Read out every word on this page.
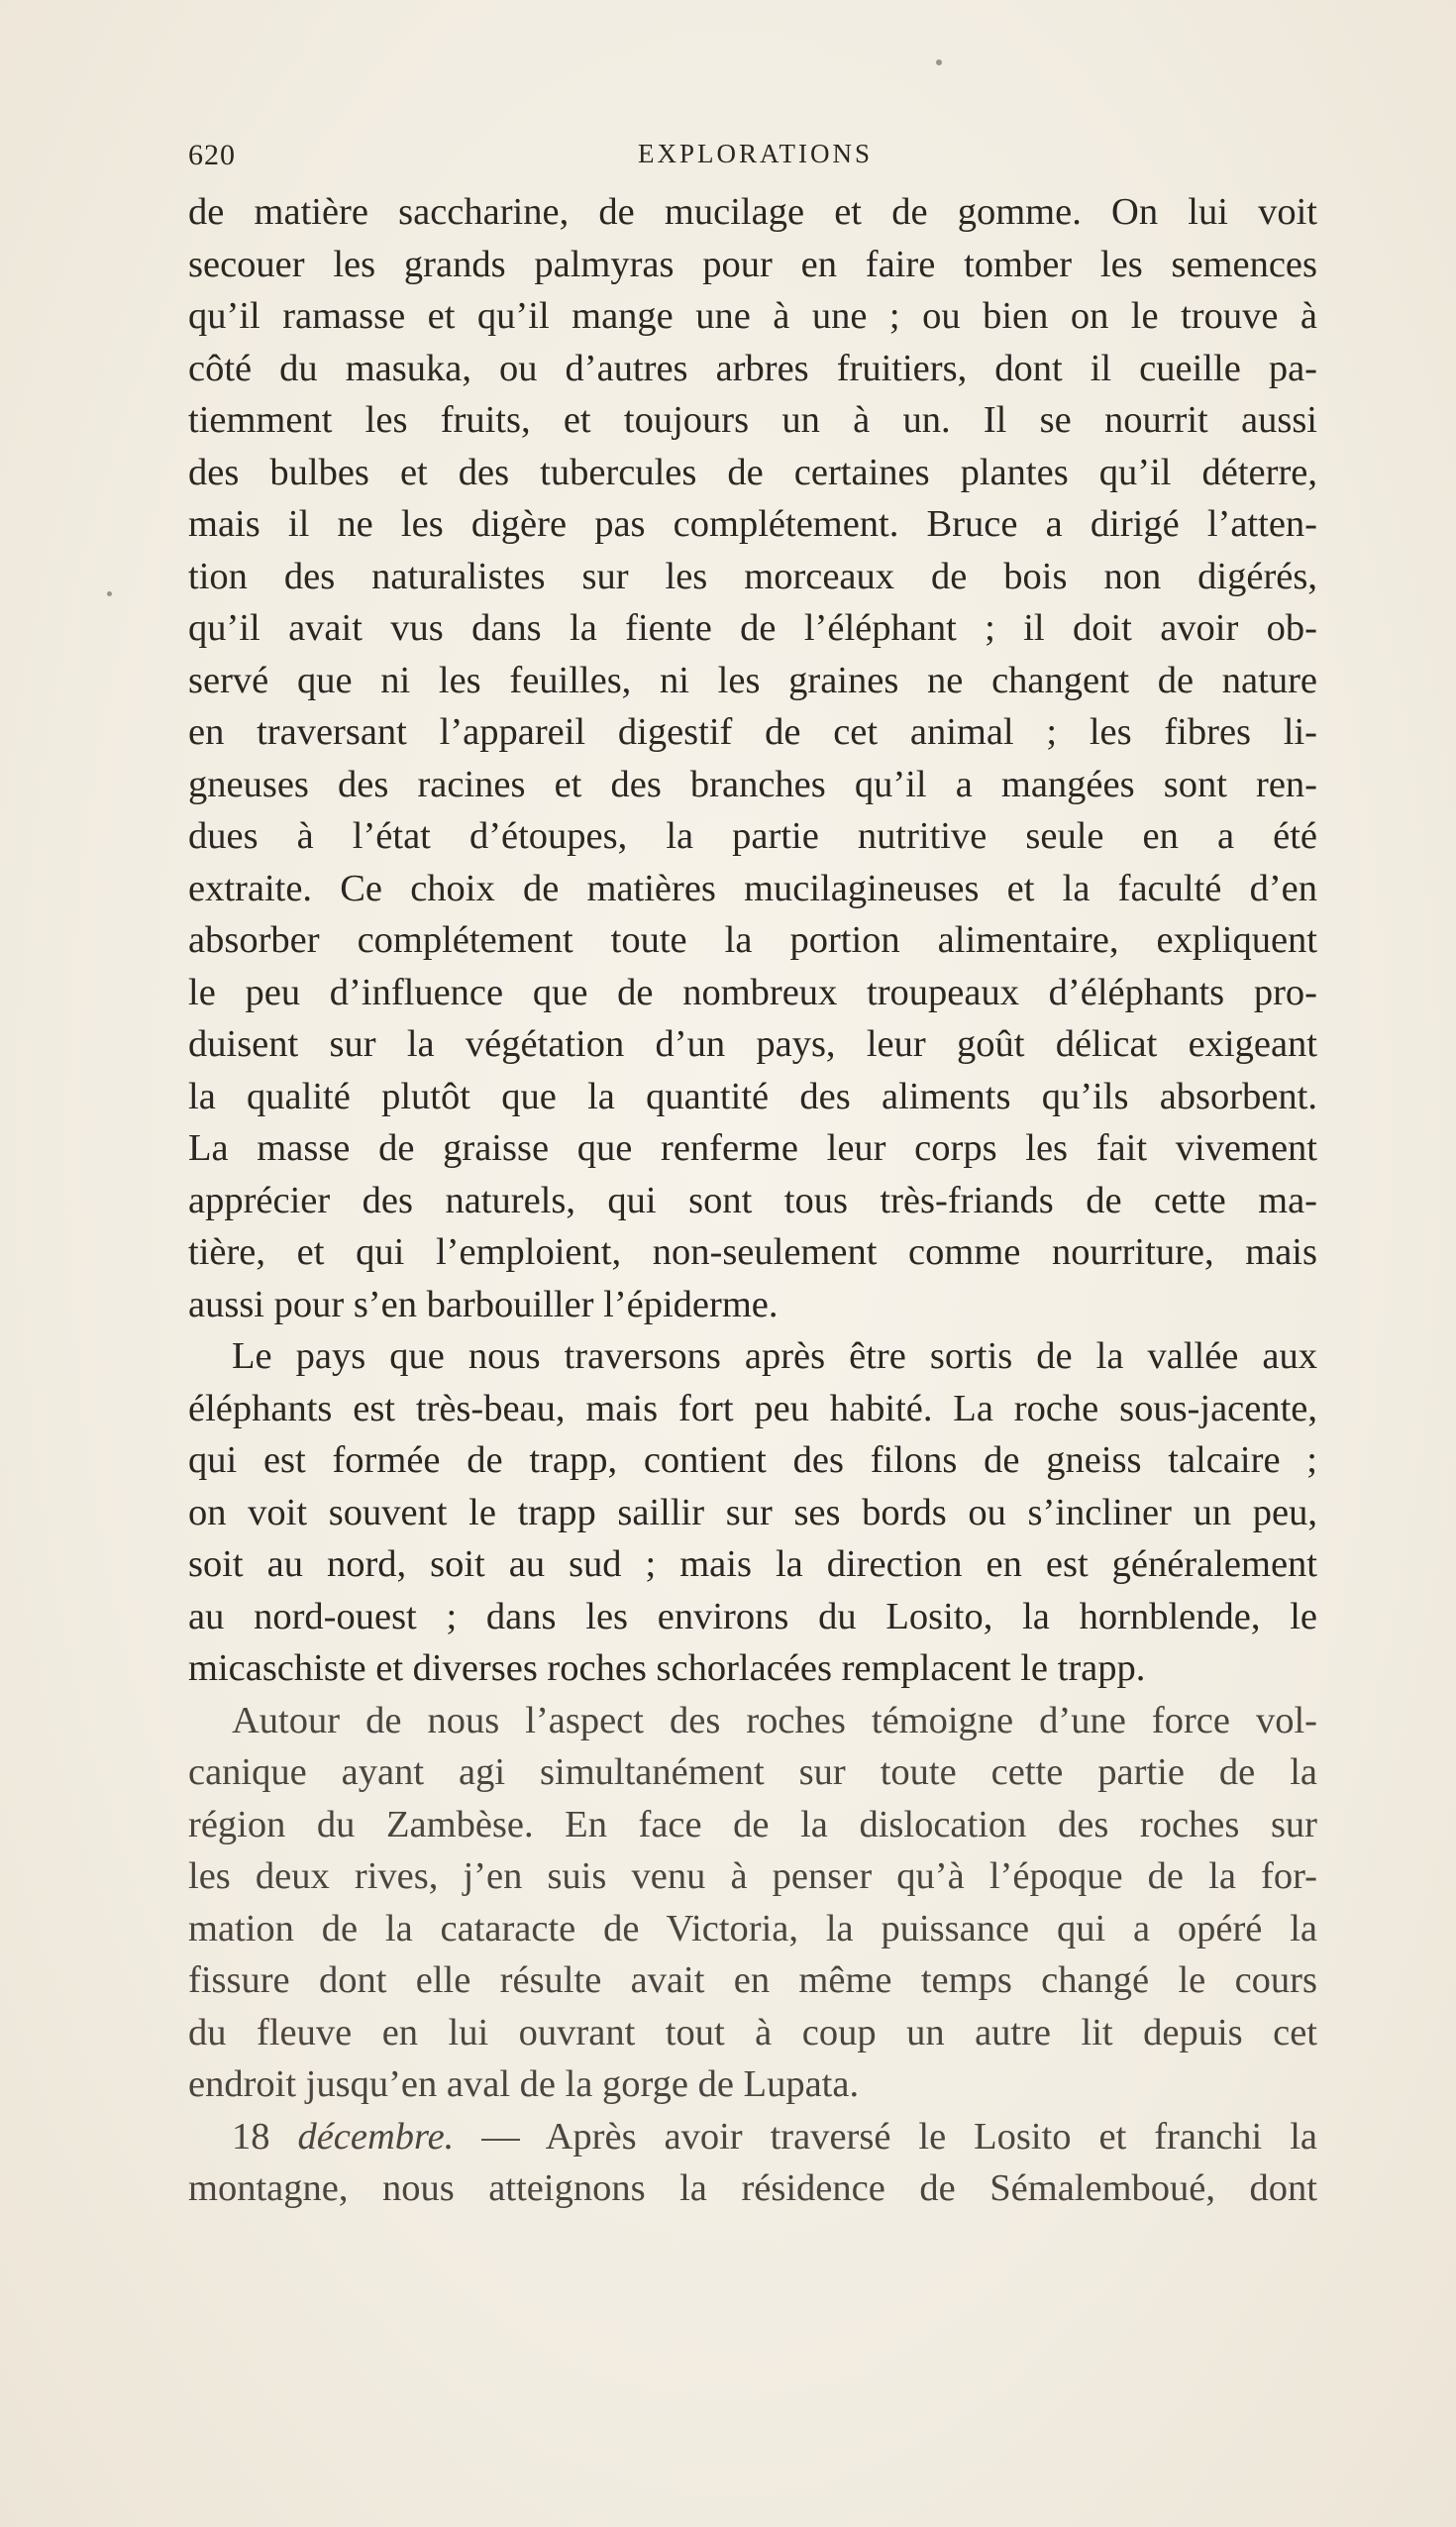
620	EXPLORATIONS
de matière saccharine, de mucilage et de gomme. On lui voit
secouer les grands palmyras pour en faire tomber les semences
qu’il ramasse et qu’il mange une à une ; ou bien on le trouve à
côté du masuka, ou d’autres arbres fruitiers, dont il cueille pa-
tiemment les fruits, et toujours un à un. Il se nourrit aussi
des bulbes et des tubercules de certaines plantes qu’il déterre,
mais il ne les digère pas complétement. Bruce a dirigé l’atten-
tion des naturalistes sur les morceaux de bois non digérés,
qu’il avait vus dans la fiente de l’éléphant ; il doit avoir ob-
servé que ni les feuilles, ni les graines ne changent de nature
en traversant l’appareil digestif de cet animal ; les fibres li-
gneuses des racines et des branches qu’il a mangées sont ren-
dues à l’état d’étoupes, la partie nutritive seule en a été
extraite. Ce choix de matières mucilagineuses et la faculté d’en
absorber complétement toute la portion alimentaire, expliquent
le peu d’influence que de nombreux troupeaux d’éléphants pro-
duisent sur la végétation d’un pays, leur goût délicat exigeant
la qualité plutôt que la quantité des aliments qu’ils absorbent.
La masse de graisse que renferme leur corps les fait vivement
apprécier des naturels, qui sont tous très-friands de cette ma-
tière, et qui l’emploient, non-seulement comme nourriture, mais
aussi pour s’en barbouiller l’épiderme.
Le pays que nous traversons après être sortis de la vallée aux
éléphants est très-beau, mais fort peu habité. La roche sous-jacente,
qui est formée de trapp, contient des filons de gneiss talcaire ;
on voit souvent le trapp saillir sur ses bords ou s’incliner un peu,
soit au nord, soit au sud ; mais la direction en est généralement
au nord-ouest ; dans les environs du Losito, la hornblende, le
micaschiste et diverses roches schorlacées remplacent le trapp.
Autour de nous l’aspect des roches témoigne d’une force vol-
canique ayant agi simultanément sur toute cette partie de la
région du Zambèse. En face de la dislocation des roches sur
les deux rives, j’en suis venu à penser qu’à l’époque de la for-
mation de la cataracte de Victoria, la puissance qui a opéré la
fissure dont elle résulte avait en même temps changé le cours
du fleuve en lui ouvrant tout à coup un autre lit depuis cet
endroit jusqu’en aval de la gorge de Lupata.
18 décembre. — Après avoir traversé le Losito et franchi la
montagne, nous atteignons la résidence de Sémalemboué, dont
